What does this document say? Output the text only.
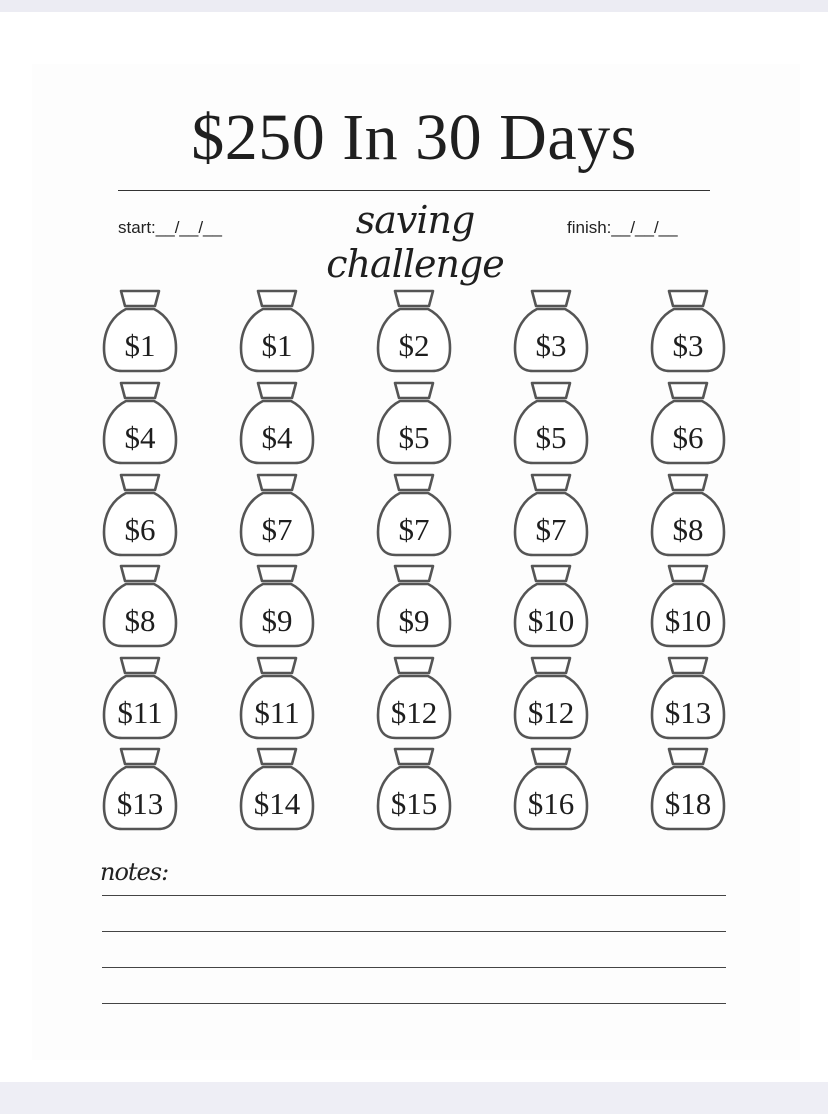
$250 In 30 Days
start:__/__/__	saving challenge
finish:__/__/__
$1	$1	$2	$3	$3
$4	$4	$5	$5	$6
$6	$7	$7	$7	$8
$8	$9	$9	$10	$10
$11	$11	$12	$12	$13
$13	$14	$15	$16	$18
notes:
